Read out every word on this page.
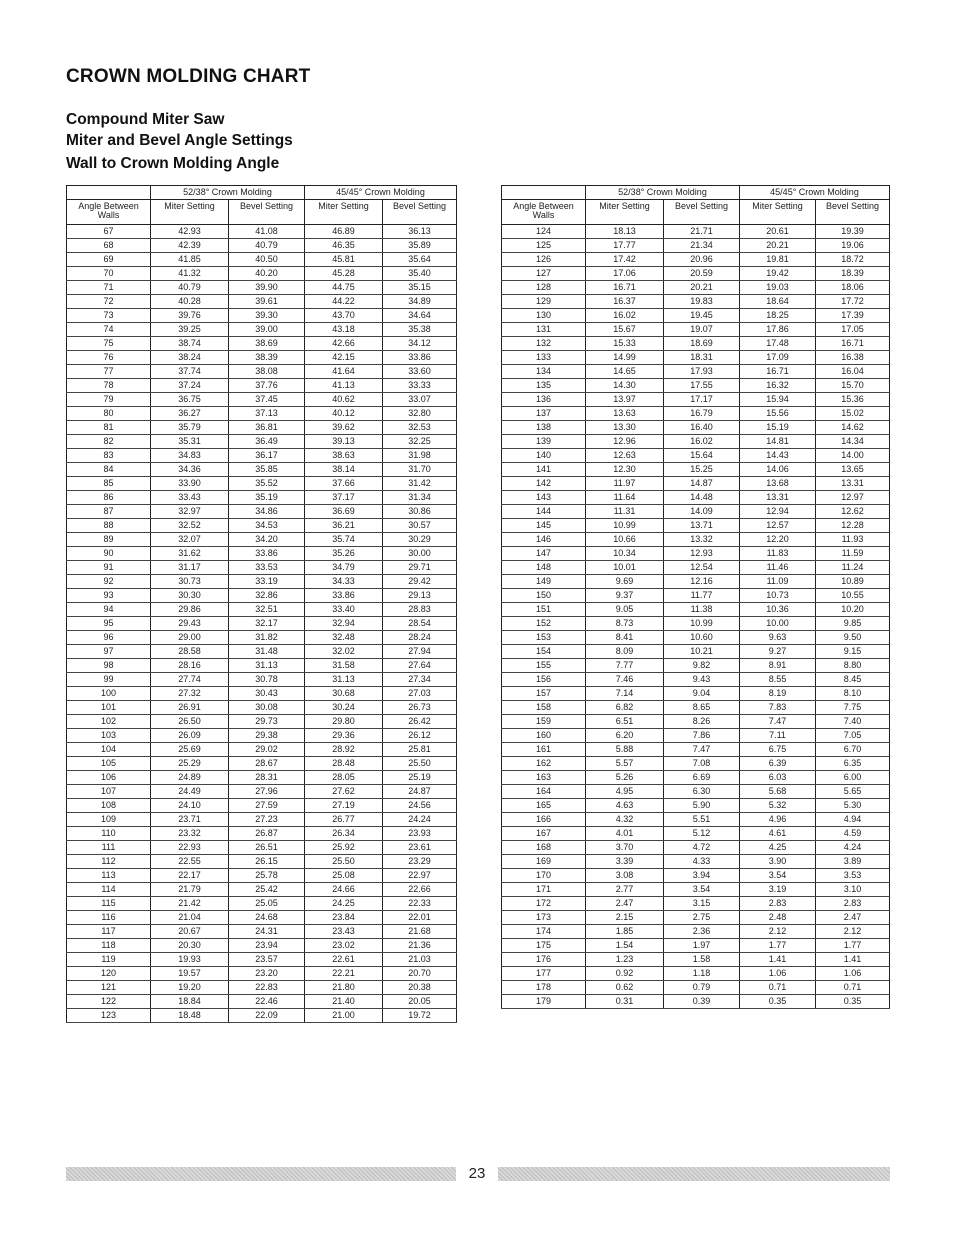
CROWN MOLDING CHART
Compound Miter Saw
Miter and Bevel Angle Settings
Wall to Crown Molding Angle
	52/38° Crown Molding		45/45° Crown Molding	
Angle Between Walls	Miter Setting	Bevel Setting	Miter Setting	Bevel Setting
67	42.93	41.08	46.89	36.13
68	42.39	40.79	46.35	35.89
69	41.85	40.50	45.81	35.64
70	41.32	40.20	45.28	35.40
71	40.79	39.90	44.75	35.15
72	40.28	39.61	44.22	34.89
73	39.76	39.30	43.70	34.64
74	39.25	39.00	43.18	35.38
75	38.74	38.69	42.66	34.12
76	38.24	38.39	42.15	33.86
77	37.74	38.08	41.64	33.60
78	37.24	37.76	41.13	33.33
79	36.75	37.45	40.62	33.07
80	36.27	37.13	40.12	32.80
81	35.79	36.81	39.62	32.53
82	35.31	36.49	39.13	32.25
83	34.83	36.17	38.63	31.98
84	34.36	35.85	38.14	31.70
85	33.90	35.52	37.66	31.42
86	33.43	35.19	37.17	31.34
87	32.97	34.86	36.69	30.86
88	32.52	34.53	36.21	30.57
89	32.07	34.20	35.74	30.29
90	31.62	33.86	35.26	30.00
91	31.17	33.53	34.79	29.71
92	30.73	33.19	34.33	29.42
93	30.30	32.86	33.86	29.13
94	29.86	32.51	33.40	28.83
95	29.43	32.17	32.94	28.54
96	29.00	31.82	32.48	28.24
97	28.58	31.48	32.02	27.94
98	28.16	31.13	31.58	27.64
99	27.74	30.78	31.13	27.34
100	27.32	30.43	30.68	27.03
101	26.91	30.08	30.24	26.73
102	26.50	29.73	29.80	26.42
103	26.09	29.38	29.36	26.12
104	25.69	29.02	28.92	25.81
105	25.29	28.67	28.48	25.50
106	24.89	28.31	28.05	25.19
107	24.49	27.96	27.62	24.87
108	24.10	27.59	27.19	24.56
109	23.71	27.23	26.77	24.24
110	23.32	26.87	26.34	23.93
111	22.93	26.51	25.92	23.61
112	22.55	26.15	25.50	23.29
113	22.17	25.78	25.08	22.97
114	21.79	25.42	24.66	22.66
115	21.42	25.05	24.25	22.33
116	21.04	24.68	23.84	22.01
117	20.67	24.31	23.43	21.68
118	20.30	23.94	23.02	21.36
119	19.93	23.57	22.61	21.03
120	19.57	23.20	22.21	20.70
121	19.20	22.83	21.80	20.38
122	18.84	22.46	21.40	20.05
123	18.48	22.09	21.00	19.72
	52/38° Crown Molding		45/45° Crown Molding	
Angle Between Walls	Miter Setting	Bevel Setting	Miter Setting	Bevel Setting
124	18.13	21.71	20.61	19.39
125	17.77	21.34	20.21	19.06
126	17.42	20.96	19.81	18.72
127	17.06	20.59	19.42	18.39
128	16.71	20.21	19.03	18.06
129	16.37	19.83	18.64	17.72
130	16.02	19.45	18.25	17.39
131	15.67	19.07	17.86	17.05
132	15.33	18.69	17.48	16.71
133	14.99	18.31	17.09	16.38
134	14.65	17.93	16.71	16.04
135	14.30	17.55	16.32	15.70
136	13.97	17.17	15.94	15.36
137	13.63	16.79	15.56	15.02
138	13.30	16.40	15.19	14.62
139	12.96	16.02	14.81	14.34
140	12.63	15.64	14.43	14.00
141	12.30	15.25	14.06	13.65
142	11.97	14.87	13.68	13.31
143	11.64	14.48	13.31	12.97
144	11.31	14.09	12.94	12.62
145	10.99	13.71	12.57	12.28
146	10.66	13.32	12.20	11.93
147	10.34	12.93	11.83	11.59
148	10.01	12.54	11.46	11.24
149	9.69	12.16	11.09	10.89
150	9.37	11.77	10.73	10.55
151	9.05	11.38	10.36	10.20
152	8.73	10.99	10.00	9.85
153	8.41	10.60	9.63	9.50
154	8.09	10.21	9.27	9.15
155	7.77	9.82	8.91	8.80
156	7.46	9.43	8.55	8.45
157	7.14	9.04	8.19	8.10
158	6.82	8.65	7.83	7.75
159	6.51	8.26	7.47	7.40
160	6.20	7.86	7.11	7.05
161	5.88	7.47	6.75	6.70
162	5.57	7.08	6.39	6.35
163	5.26	6.69	6.03	6.00
164	4.95	6.30	5.68	5.65
165	4.63	5.90	5.32	5.30
166	4.32	5.51	4.96	4.94
167	4.01	5.12	4.61	4.59
168	3.70	4.72	4.25	4.24
169	3.39	4.33	3.90	3.89
170	3.08	3.94	3.54	3.53
171	2.77	3.54	3.19	3.10
172	2.47	3.15	2.83	2.83
173	2.15	2.75	2.48	2.47
174	1.85	2.36	2.12	2.12
175	1.54	1.97	1.77	1.77
176	1.23	1.58	1.41	1.41
177	0.92	1.18	1.06	1.06
178	0.62	0.79	0.71	0.71
179	0.31	0.39	0.35	0.35
23
